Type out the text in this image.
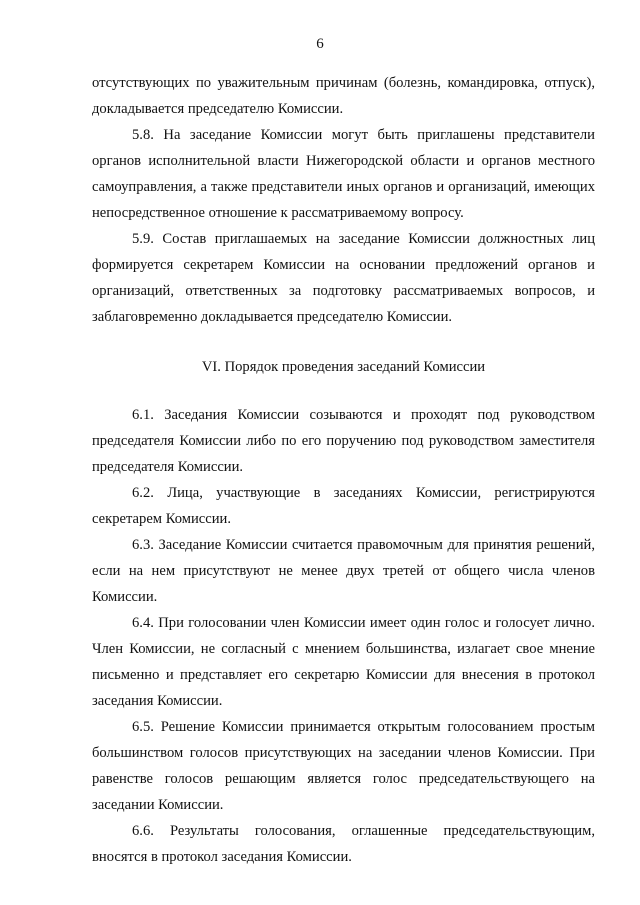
6

отсутствующих по уважительным причинам (болезнь, командировка, отпуск), докладывается председателю Комиссии.

5.8. На заседание Комиссии могут быть приглашены представители органов исполнительной власти Нижегородской области и органов местного самоуправления, а также представители иных органов и организаций, имеющих непосредственное отношение к рассматриваемому вопросу.

5.9. Состав приглашаемых на заседание Комиссии должностных лиц формируется секретарем Комиссии на основании предложений органов и организаций, ответственных за подготовку рассматриваемых вопросов, и заблаговременно докладывается председателю Комиссии.

VI. Порядок проведения заседаний Комиссии

6.1. Заседания Комиссии созываются и проходят под руководством председателя Комиссии либо по его поручению под руководством заместителя председателя Комиссии.

6.2. Лица, участвующие в заседаниях Комиссии, регистрируются секретарем Комиссии.

6.3. Заседание Комиссии считается правомочным для принятия решений, если на нем присутствуют не менее двух третей от общего числа членов Комиссии.

6.4. При голосовании член Комиссии имеет один голос и голосует лично. Член Комиссии, не согласный с мнением большинства, излагает свое мнение письменно и представляет его секретарю Комиссии для внесения в протокол заседания Комиссии.

6.5. Решение Комиссии принимается открытым голосованием простым большинством голосов присутствующих на заседании членов Комиссии. При равенстве голосов решающим является голос председательствующего на заседании Комиссии.

6.6. Результаты голосования, оглашенные председательствующим, вносятся в протокол заседания Комиссии.
